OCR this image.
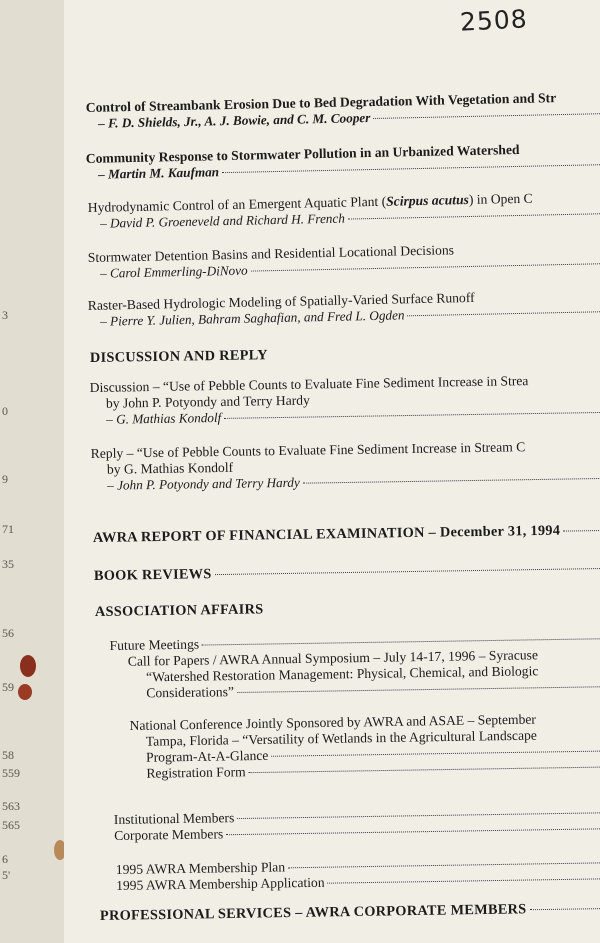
3
0
9
71
35
56
59
58
559
563
565
6
5'
2508
Control of Streambank Erosion Due to Bed Degradation With Vegetation and Str
– F. D. Shields, Jr., A. J. Bowie, and C. M. Cooper
Community Response to Stormwater Pollution in an Urbanized Watershed
– Martin M. Kaufman
Hydrodynamic Control of an Emergent Aquatic Plant (Scirpus acutus) in Open C
– David P. Groeneveld and Richard H. French
Stormwater Detention Basins and Residential Locational Decisions
– Carol Emmerling-DiNovo
Raster-Based Hydrologic Modeling of Spatially-Varied Surface Runoff
– Pierre Y. Julien, Bahram Saghafian, and Fred L. Ogden
DISCUSSION AND REPLY
Discussion – “Use of Pebble Counts to Evaluate Fine Sediment Increase in Strea
by John P. Potyondy and Terry Hardy
– G. Mathias Kondolf
Reply – “Use of Pebble Counts to Evaluate Fine Sediment Increase in Stream C
by G. Mathias Kondolf
– John P. Potyondy and Terry Hardy
AWRA REPORT OF FINANCIAL EXAMINATION – December 31, 1994
BOOK REVIEWS
ASSOCIATION AFFAIRS
Future Meetings
Call for Papers / AWRA Annual Symposium – July 14-17, 1996 – Syracuse
“Watershed Restoration Management: Physical, Chemical, and Biologic
Considerations”
National Conference Jointly Sponsored by AWRA and ASAE – September
Tampa, Florida – “Versatility of Wetlands in the Agricultural Landscape
Program-At-A-Glance
Registration Form
Institutional Members
Corporate Members
1995 AWRA Membership Plan
1995 AWRA Membership Application
PROFESSIONAL SERVICES – AWRA CORPORATE MEMBERS
